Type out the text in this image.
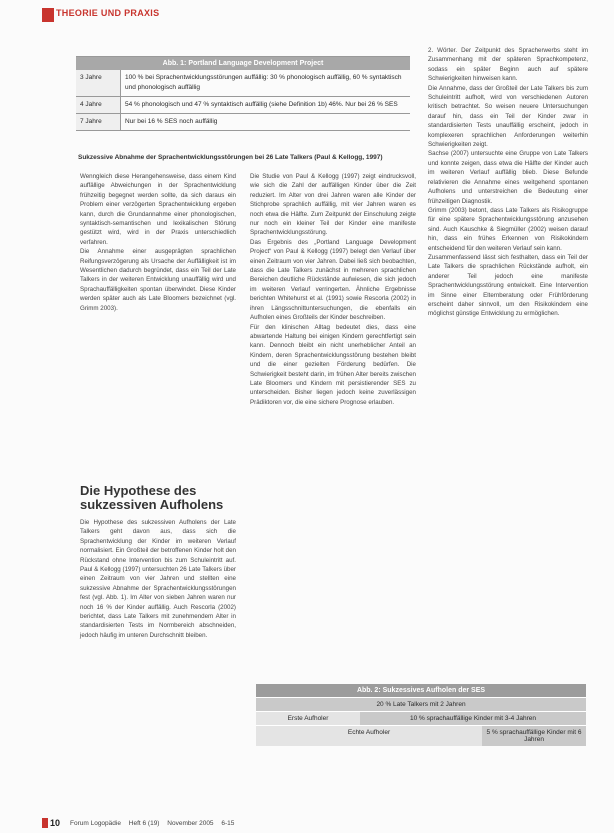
THEORIE UND PRAXIS
Abb. 1: Portland Language Development Project
3 Jahre	100 % bei Sprachentwicklungsstörungen auffällig: 30 % phonologisch auffällig, 60 % syntaktisch und phonologisch auffällig
4 Jahre	54 % phonologisch und 47 % syntaktisch auffällig (siehe Definition 1b) 46%. Nur bei 26 % SES
7 Jahre	Nur bei 16 % SES noch auffällig
Sukzessive Abnahme der Sprachentwicklungsstörungen bei 26 Late Talkers (Paul & Kellogg, 1997)

Wenngleich diese Herangehensweise, dass einem Kind auffällige Abweichungen in der Sprachentwicklung frühzeitig begegnet werden sollte, da sich daraus ein Problem einer verzögerten Sprachentwicklung ergeben kann, durch die Grundannahme einer phonologischen, syntaktisch-semantischen und lexikalischen Störung gestützt wird, wird in der Praxis unterschiedlich verfahren.

Die Annahme einer ausgeprägten sprachlichen Reifungsverzögerung als Ursache der Auffälligkeit ist im Wesentlichen dadurch begründet, dass ein Teil der Late Talkers in der weiteren Entwicklung unauffällig wird und Sprachauffälligkeiten spontan überwindet. Diese Kinder werden später auch als Late Bloomers bezeichnet (vgl. Grimm 2003).

Die Hypothese des sukzessiven Aufholens

Die Hypothese des sukzessiven Aufholens der Late Talkers geht davon aus, dass sich die Sprachentwicklung der Kinder im weiteren Verlauf normalisiert. Ein Großteil der betroffenen Kinder holt den Rückstand ohne Intervention bis zum Schuleintritt auf. Paul & Kellogg (1997) untersuchten 26 Late Talkers über einen Zeitraum von vier Jahren und stellten eine sukzessive Abnahme der Sprachentwicklungsstörungen fest (vgl. Abb. 1). Im Alter von sieben Jahren waren nur noch 16 % der Kinder auffällig. Auch Rescorla (2002) berichtet, dass Late Talkers mit zunehmendem Alter in standardisierten Tests im Normbereich abschneiden, jedoch häufig im unteren Durchschnitt bleiben.

Die Studie von Paul & Kellogg (1997) zeigt eindrucksvoll, wie sich die Zahl der auffälligen Kinder über die Zeit reduziert. Im Alter von drei Jahren waren alle Kinder der Stichprobe sprachlich auffällig, mit vier Jahren waren es noch etwa die Hälfte. Zum Zeitpunkt der Einschulung zeigte nur noch ein kleiner Teil der Kinder eine manifeste Sprachentwicklungsstörung.

Das Ergebnis des „Portland Language Development Project“ von Paul & Kellogg (1997) belegt den Verlauf über einen Zeitraum von vier Jahren. Dabei ließ sich beobachten, dass die Late Talkers zunächst in mehreren sprachlichen Bereichen deutliche Rückstände aufwiesen, die sich jedoch im weiteren Verlauf verringerten. Ähnliche Ergebnisse berichten Whitehurst et al. (1991) sowie Rescorla (2002) in ihren Längsschnittuntersuchungen, die ebenfalls ein Aufholen eines Großteils der Kinder beschreiben.

Für den klinischen Alltag bedeutet dies, dass eine abwartende Haltung bei einigen Kindern gerechtfertigt sein kann. Dennoch bleibt ein nicht unerheblicher Anteil an Kindern, deren Sprachentwicklungsstörung bestehen bleibt und die einer gezielten Förderung bedürfen. Die Schwierigkeit besteht darin, im frühen Alter bereits zwischen Late Bloomers und Kindern mit persistierender SES zu unterscheiden. Bisher liegen jedoch keine zuverlässigen Prädiktoren vor, die eine sichere Prognose erlauben.

2. Wörter. Der Zeitpunkt des Spracherwerbs steht im Zusammenhang mit der späteren Sprachkompetenz, sodass ein später Beginn auch auf spätere Schwierigkeiten hinweisen kann.

Die Annahme, dass der Großteil der Late Talkers bis zum Schuleintritt aufholt, wird von verschiedenen Autoren kritisch betrachtet. So weisen neuere Untersuchungen darauf hin, dass ein Teil der Kinder zwar in standardisierten Tests unauffällig erscheint, jedoch in komplexeren sprachlichen Anforderungen weiterhin Schwierigkeiten zeigt.

Sachse (2007) untersuchte eine Gruppe von Late Talkers und konnte zeigen, dass etwa die Hälfte der Kinder auch im weiteren Verlauf auffällig blieb. Diese Befunde relativieren die Annahme eines weitgehend spontanen Aufholens und unterstreichen die Bedeutung einer frühzeitigen Diagnostik.

Grimm (2003) betont, dass Late Talkers als Risikogruppe für eine spätere Sprachentwicklungsstörung anzusehen sind. Auch Kauschke & Siegmüller (2002) weisen darauf hin, dass ein frühes Erkennen von Risikokindern entscheidend für den weiteren Verlauf sein kann.

Zusammenfassend lässt sich festhalten, dass ein Teil der Late Talkers die sprachlichen Rückstände aufholt, ein anderer Teil jedoch eine manifeste Sprachentwicklungsstörung entwickelt. Eine Intervention im Sinne einer Elternberatung oder Frühförderung erscheint daher sinnvoll, um den Risikokindern eine möglichst günstige Entwicklung zu ermöglichen.

Abb. 2: Sukzessives Aufholen der SES
20 % Late Talkers mit 2 Jahren
Erste Aufholer	10 % sprachauffällige Kinder mit 3-4 Jahren
Echte Aufholer	5 % sprachauffällige Kinder mit 6 Jahren
10 Forum Logopädie Heft 6 (19) November 2005 6-15
